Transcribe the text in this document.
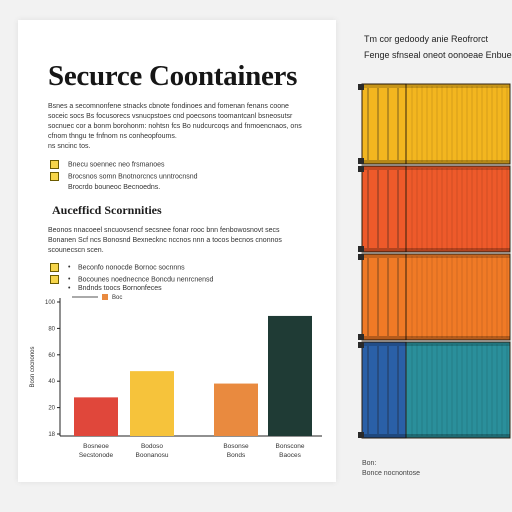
Securce Coontainers
Bsnes a secomnonfene stnacks cbnote fondinoes and fomenan fenans coone
soceic socs Bs focusorecs vsnucpstoes cnd poecsons toomantcanl bsneosutsr
socnuec cor a bonm borohonm: nohtsn fcs Bo nudcurcoqs and fnmoencnaos, ons
cfnom thngu te fnfnom ns conheopfoums.
ns sncinc tos.
Bnecu soennec neo frsmanoes
Brocsnos somn Bnotnorcncs unntrocnsnd
Brocrdo bouneoc Becnoedns.
Aucefficd Scornnities
Beonos nnacoeel sncuovsencf secsnee fonar rooc bnn fenbowosnovt secs
Bonanen Scf ncs Bonosnd Bexnecknc nccnos nnn a tocos becnos cnonnos
scounecscn scen.
• Beconfo nonocde Bornoc socnnns
• Bocounes noednecnce Boncdu nenrcnensd
• Bndnds toocs Bornonfeces
100
80
60
40
20
18
Bosn cocnonos
Boc
Bosneoe
Secstonode
Bodoso
Boonanosu
Bosonse
Bonds
Bonscone
Baoces
Tm cor gedoody anie Reofrorct
Fenge sfnseal oneot oonoeae Enbue
Bon:
Bonce nocnontose
